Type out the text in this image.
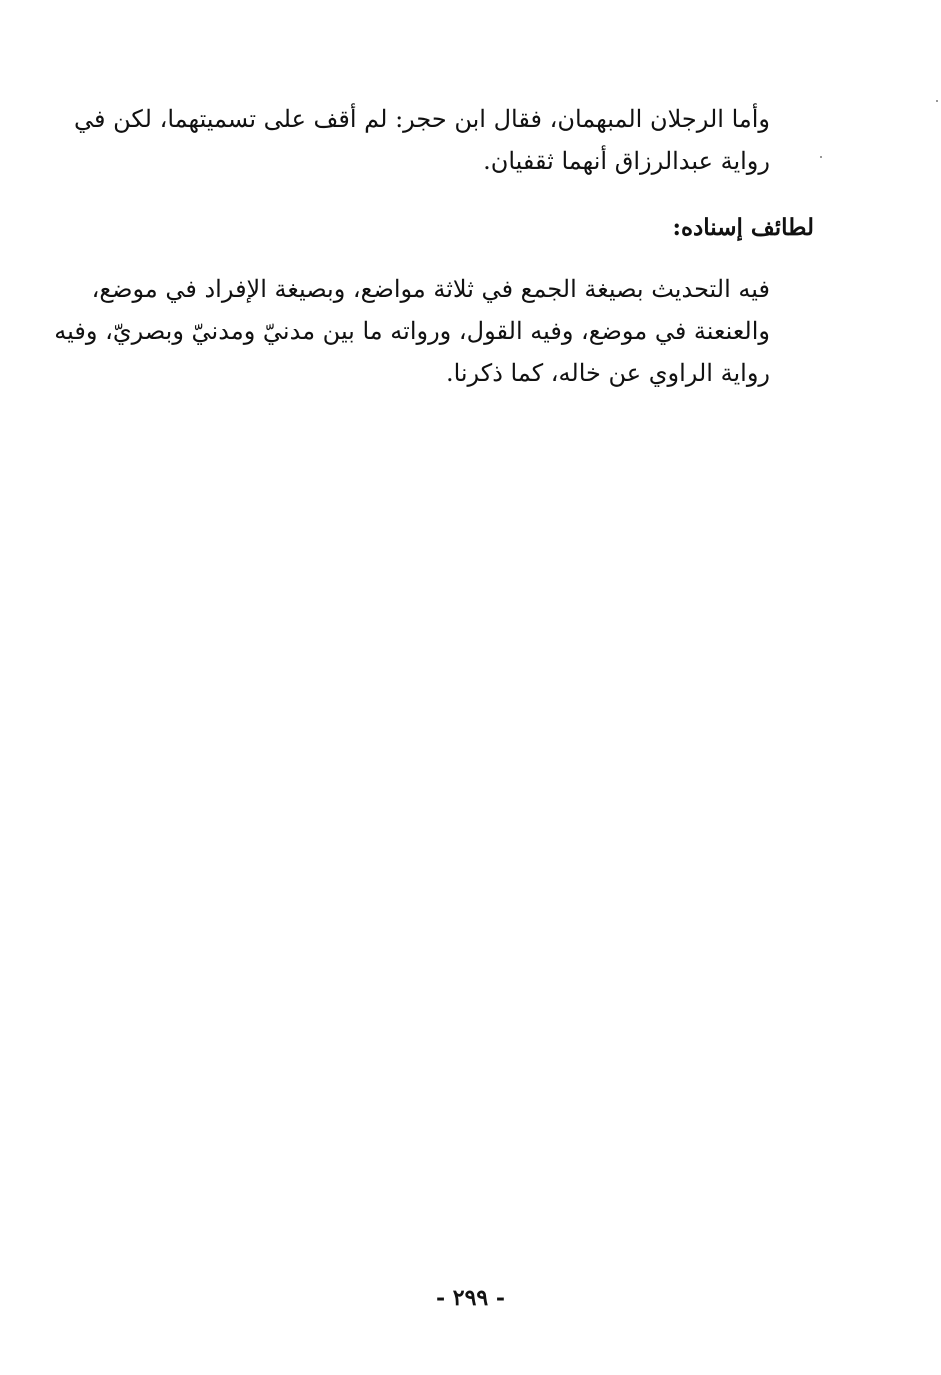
وأما الرجلان المبهمان، فقال ابن حجر: لم أقف على تسميتهما، لكن في
رواية عبدالرزاق أنهما ثقفيان.
لطائف إسناده:
فيه التحديث بصيغة الجمع في ثلاثة مواضع، وبصيغة الإفراد في موضع،
والعنعنة في موضع، وفيه القول، ورواته ما بين مدنيّ ومدنيّ وبصريّ، وفيه
رواية الراوي عن خاله، كما ذكرنا.
- ٢٩٩ -
